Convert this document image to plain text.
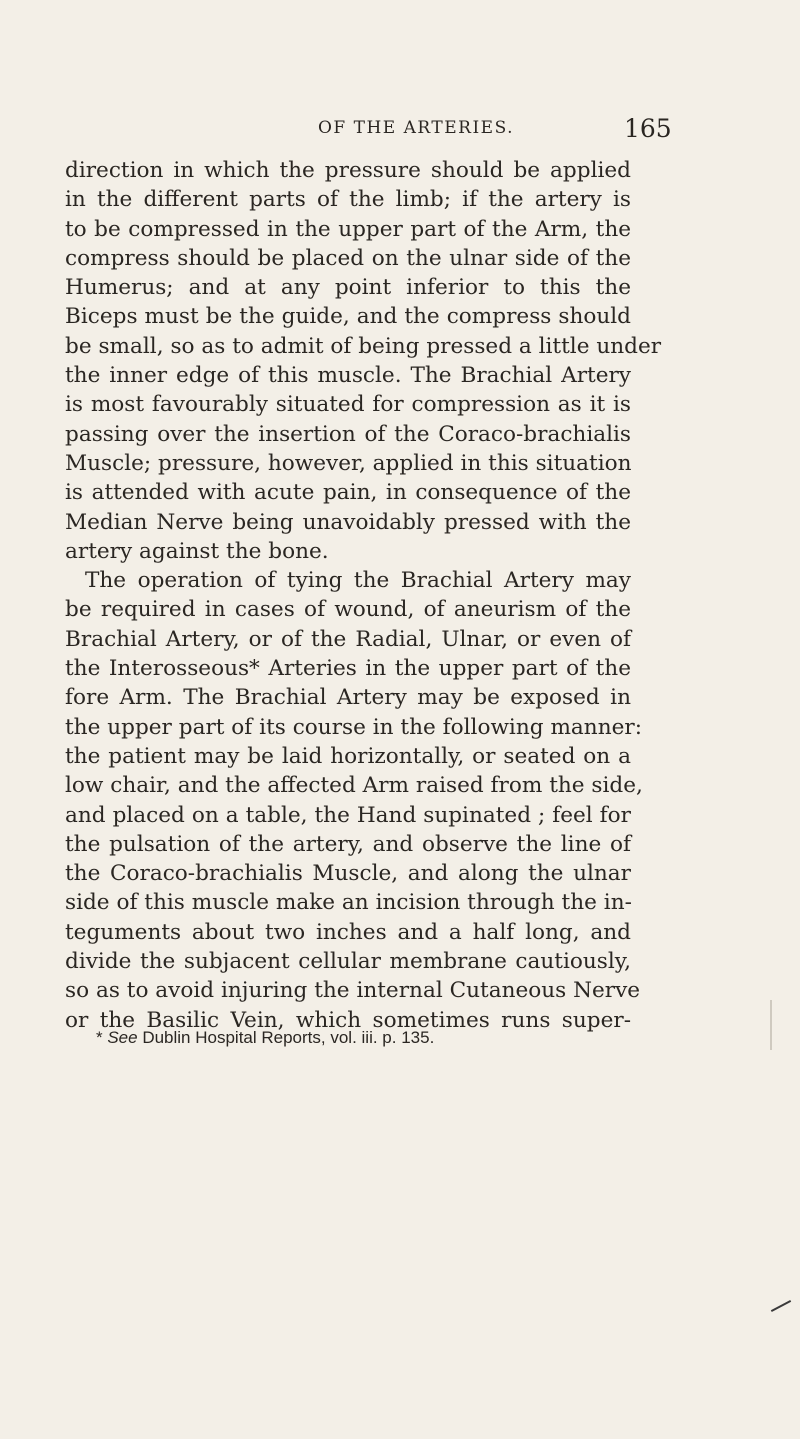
OF THE ARTERIES.	165
direction in which the pressure should be applied
in the different parts of the limb; if the artery is
to be compressed in the upper part of the Arm, the
compress should be placed on the ulnar side of the
Humerus; and at any point inferior to this the
Biceps must be the guide, and the compress should
be small, so as to admit of being pressed a little under
the inner edge of this muscle. The Brachial Artery
is most favourably situated for compression as it is
passing over the insertion of the Coraco-brachialis
Muscle; pressure, however, applied in this situation
is attended with acute pain, in consequence of the
Median Nerve being unavoidably pressed with the
artery against the bone.
The operation of tying the Brachial Artery may
be required in cases of wound, of aneurism of the
Brachial Artery, or of the Radial, Ulnar, or even of
the Interosseous* Arteries in the upper part of the
fore Arm. The Brachial Artery may be exposed in
the upper part of its course in the following manner:
the patient may be laid horizontally, or seated on a
low chair, and the affected Arm raised from the side,
and placed on a table, the Hand supinated ; feel for
the pulsation of the artery, and observe the line of
the Coraco-brachialis Muscle, and along the ulnar
side of this muscle make an incision through the in-
teguments about two inches and a half long, and
divide the subjacent cellular membrane cautiously,
so as to avoid injuring the internal Cutaneous Nerve
or the Basilic Vein, which sometimes runs super-
* See Dublin Hospital Reports, vol. iii. p. 135.
